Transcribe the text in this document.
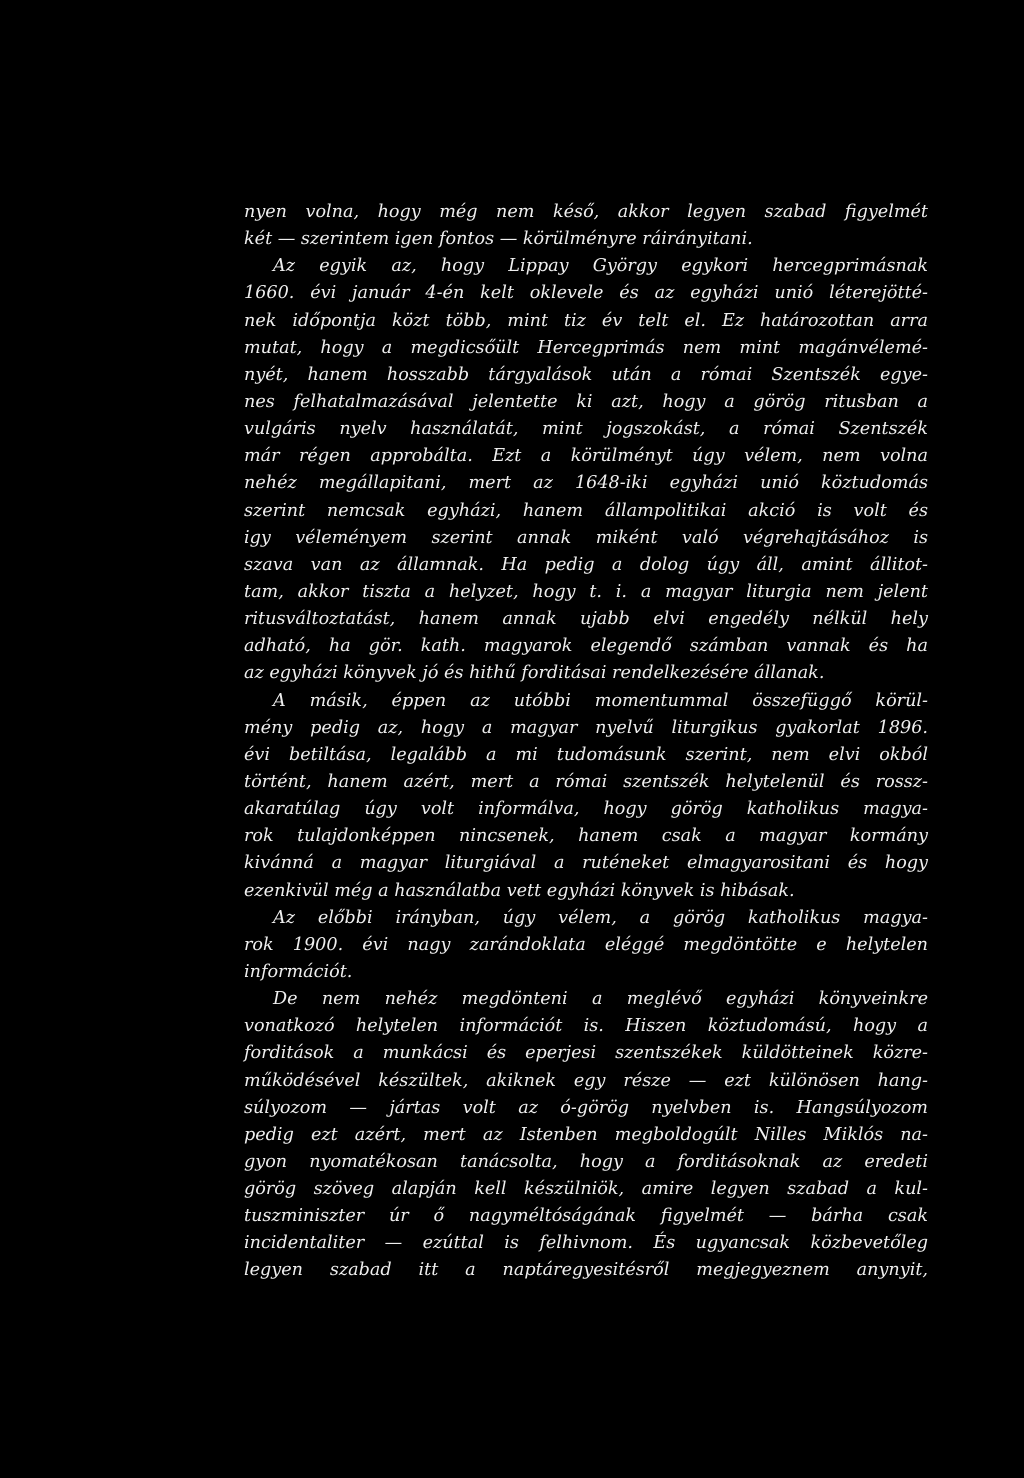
nyen volna, hogy még nem késő, akkor legyen szabad figyelmét
két — szerintem igen fontos — körülményre ráirányitani.
Az egyik az, hogy Lippay György egykori hercegprimásnak
1660. évi január 4-én kelt oklevele és az egyházi unió léterejötté-
nek időpontja közt több, mint tiz év telt el. Ez határozottan arra
mutat, hogy a megdicsőült Hercegprimás nem mint magánvélemé-
nyét, hanem hosszabb tárgyalások után a római Szentszék egye-
nes felhatalmazásával jelentette ki azt, hogy a görög ritusban a
vulgáris nyelv használatát, mint jogszokást, a római Szentszék
már régen approbálta. Ezt a körülményt úgy vélem, nem volna
nehéz megállapitani, mert az 1648-iki egyházi unió köztudomás
szerint nemcsak egyházi, hanem állampolitikai akció is volt és
igy véleményem szerint annak miként való végrehajtásához is
szava van az államnak. Ha pedig a dolog úgy áll, amint állitot-
tam, akkor tiszta a helyzet, hogy t. i. a magyar liturgia nem jelent
ritusváltoztatást, hanem annak ujabb elvi engedély nélkül hely
adható, ha gör. kath. magyarok elegendő számban vannak és ha
az egyházi könyvek jó és hithű forditásai rendelkezésére állanak.
A másik, éppen az utóbbi momentummal összefüggő körül-
mény pedig az, hogy a magyar nyelvű liturgikus gyakorlat 1896.
évi betiltása, legalább a mi tudomásunk szerint, nem elvi okból
történt, hanem azért, mert a római szentszék helytelenül és rossz-
akaratúlag úgy volt informálva, hogy görög katholikus magya-
rok tulajdonképpen nincsenek, hanem csak a magyar kormány
kivánná a magyar liturgiával a ruténeket elmagyarositani és hogy
ezenkivül még a használatba vett egyházi könyvek is hibásak.
Az előbbi irányban, úgy vélem, a görög katholikus magya-
rok 1900. évi nagy zarándoklata eléggé megdöntötte e helytelen
információt.
De nem nehéz megdönteni a meglévő egyházi könyveinkre
vonatkozó helytelen információt is. Hiszen köztudomású, hogy a
forditások a munkácsi és eperjesi szentszékek küldötteinek közre-
működésével készültek, akiknek egy része — ezt különösen hang-
súlyozom — jártas volt az ó-görög nyelvben is. Hangsúlyozom
pedig ezt azért, mert az Istenben megboldogúlt Nilles Miklós na-
gyon nyomatékosan tanácsolta, hogy a forditásoknak az eredeti
görög szöveg alapján kell készülniök, amire legyen szabad a kul-
tuszminiszter úr ő nagyméltóságának figyelmét — bárha csak
incidentaliter — ezúttal is felhivnom. És ugyancsak közbevetőleg
legyen szabad itt a naptáregyesitésről megjegyeznem anynyit,
